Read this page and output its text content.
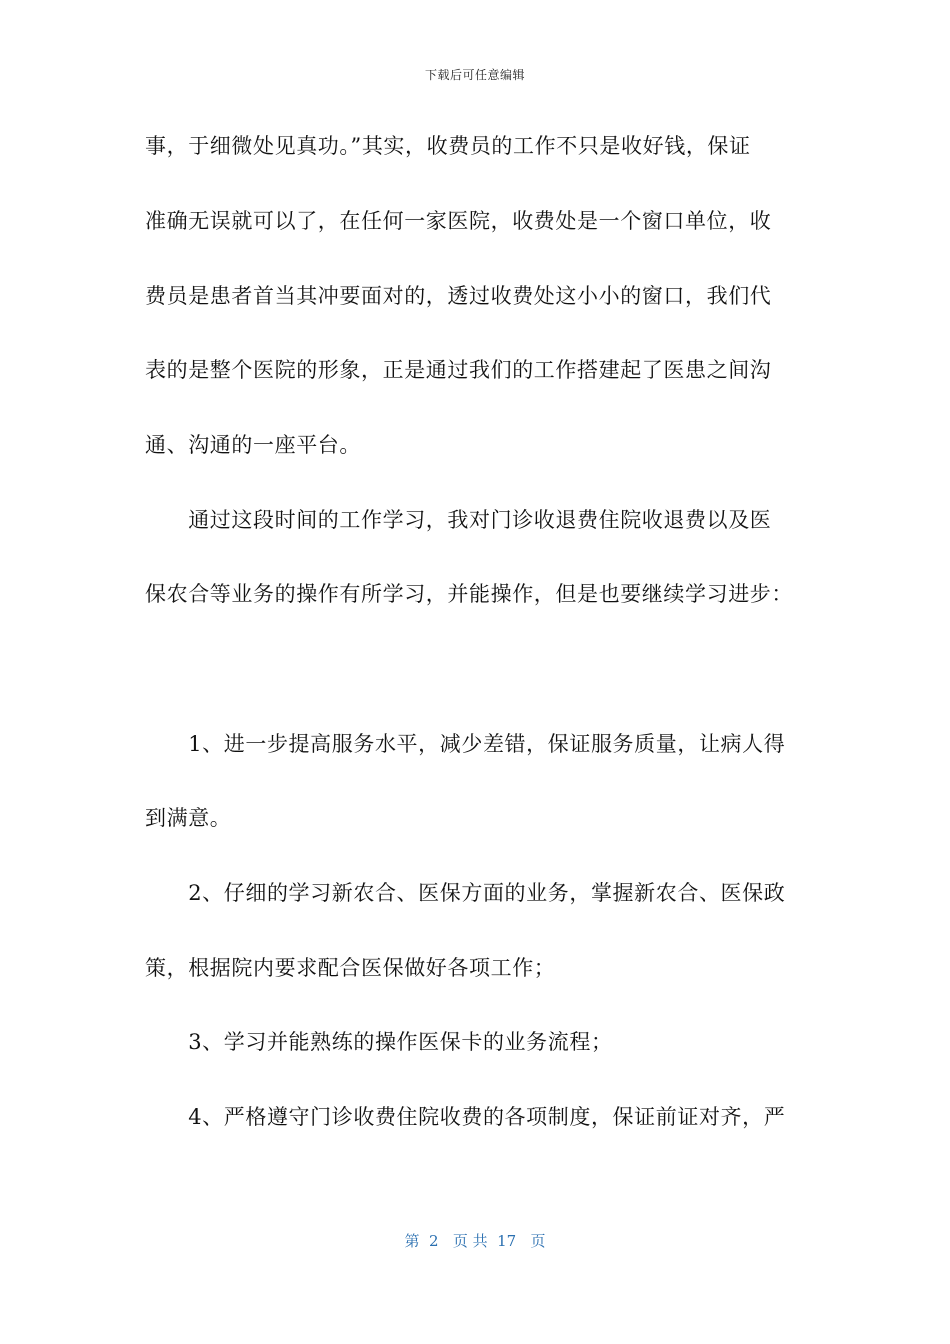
下载后可任意编辑
事，于细微处见真功。”其实，收费员的工作不只是收好钱，保证
准确无误就可以了，在任何一家医院，收费处是一个窗口单位，收
费员是患者首当其冲要面对的，透过收费处这小小的窗口，我们代
表的是整个医院的形象，正是通过我们的工作搭建起了医患之间沟
通、沟通的一座平台。
　　通过这段时间的工作学习，我对门诊收退费住院收退费以及医
保农合等业务的操作有所学习，并能操作，但是也要继续学习进步：
　　1、进一步提高服务水平，减少差错，保证服务质量，让病人得
到满意。
　　2、仔细的学习新农合、医保方面的业务，掌握新农合、医保政
策，根据院内要求配合医保做好各项工作；
　　3、学习并能熟练的操作医保卡的业务流程；
　　4、严格遵守门诊收费住院收费的各项制度，保证前证对齐，严
第  2   页 共  17   页
